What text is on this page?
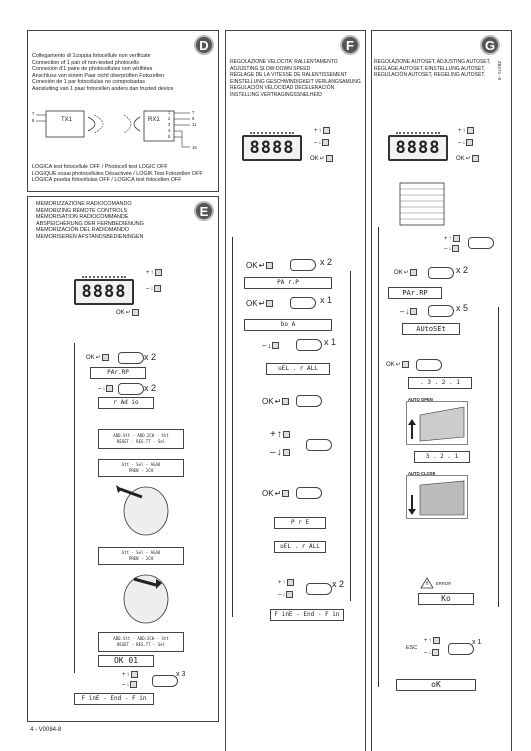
D
Collegamento di 1coppia fotocellule non verificate
Connection of 1 pair of non-tested photocells
Connexion d'1 paire de photocellules non vérifiées
Anschluss von einem Paar nicht überprüften Fotozellen
Conexión de 1 par fotocélulas no comprobadas
Aansluiting van 1 paar fotocellen anders dan trusted device
TX1	RX1
7
8
1
2
3
4
5
7
8
11
16
LOGICA test fotocellule OFF / Photocell test LOGIC OFF
LOGIQUE essai photocellules Désactivée / LOGIK Test Fotozellen OFF
LÓGICA prueba fotocélulas OFF / LOGICA test fotocellen OFF
E
MEMORIZZAZIONE RADIOCOMANDO
MEMORIZING REMOTE CONTROLS
MÉMORISATION RADIOCOMMANDE
ABSPEICHERUNG DER FERNBEDIENUNG
MEMORIZACIÓN DEL RADIOMANDO
MEMORISEREN AFSTANDSBEDIENINGEN
8888
+ ↑
– ↓
OK ↵
OK ↵	x 2
PAr.RP
– ↓	x 2
r Ad io
ADD.Stt - ADD.2CH - Stt
RESET - RES.TT - Sel
Stt - Sel - AGAO
PREN - 2CH
Stt - Sel - AGAO
PREN - 2CH
ADD.Stt - ADD.2CH - Stt
RESET - RES.TT - Sel
OK 01
+ ↑
– ↓
x 3
F inE - End - F in
F
REGOLAZIONE VELOCITA' RALLENTAMENTO
ADJUSTING SLOW-DOWN SPEED
RÉGLAGE DE LA VITESSE DE RALENTISSEMENT
EINSTELLUNG GESCHWINDIGKEIT VERLANGSAMUNG
REGULACIÓN VELOCIDAD DECELERACIÓN
INSTELLING VERTRAGINGSSNELHEID
8888
+ ↑
– ↓
OK ↵
OK ↵	x 2
PA r.P
OK ↵	x 1
bo A
– ↓	x 1
uEL . r ALL
OK ↵
+ ↑
– ↓
OK ↵
P r E
uEL . r ALL
+ ↑
– ↓
x 2
F inE - End - F in
G
ZBX74 - 8
REGOLAZIONE AUTOSET, ADJUSTING AUTOSET,
RÉGLAGE AUTOSET, EINSTELLUNG AUTOSET,
REGULACIÓN AUTOSET, REGELING AUTOSET.
8888
+ ↑
– ↓
OK ↵
+ ↑
– ↓
OK ↵	x 2
PAr.RP
– ↓	x 5
AUtoSEt
OK ↵
. 3 . 2 . 1
AUTO OPEN
3 . 2 . 1
AUTO CLOSE
ERROR
Ko
ESC
+ ↑
– ↓
x 1
oK
4 - V0084-8
